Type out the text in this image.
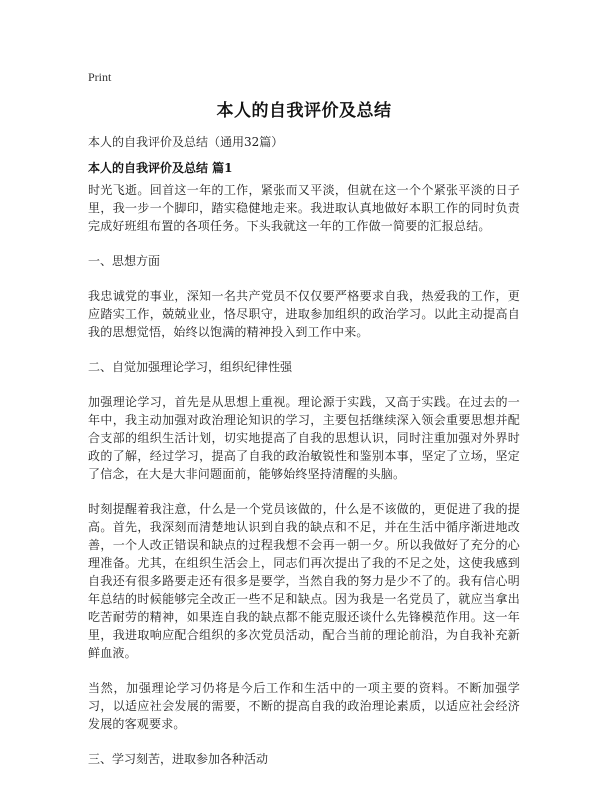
Print
本人的自我评价及总结
本人的自我评价及总结（通用32篇）
本人的自我评价及总结 篇1

时光飞逝。回首这一年的工作，紧张而又平淡，但就在这一个个紧张平淡的日子里，我一步一个脚印，踏实稳健地走来。我进取认真地做好本职工作的同时负责完成好班组布置的各项任务。下头我就这一年的工作做一简要的汇报总结。

一、思想方面

我忠诚党的事业，深知一名共产党员不仅仅要严格要求自我，热爱我的工作，更应踏实工作，兢兢业业，恪尽职守，进取参加组织的政治学习。以此主动提高自我的思想觉悟，始终以饱满的精神投入到工作中来。

二、自觉加强理论学习，组织纪律性强

加强理论学习，首先是从思想上重视。理论源于实践，又高于实践。在过去的一年中，我主动加强对政治理论知识的学习，主要包括继续深入领会重要思想并配合支部的组织生活计划，切实地提高了自我的思想认识，同时注重加强对外界时政的了解，经过学习，提高了自我的政治敏锐性和鉴别本事，坚定了立场，坚定了信念，在大是大非问题面前，能够始终坚持清醒的头脑。

时刻提醒着我注意，什么是一个党员该做的，什么是不该做的，更促进了我的提高。首先，我深刻而清楚地认识到自我的缺点和不足，并在生活中循序渐进地改善，一个人改正错误和缺点的过程我想不会再一朝一夕。所以我做好了充分的心理准备。尤其，在组织生活会上，同志们再次提出了我的不足之处，这使我感到自我还有很多路要走还有很多是要学，当然自我的努力是少不了的。我有信心明年总结的时候能够完全改正一些不足和缺点。因为我是一名党员了，就应当拿出吃苦耐劳的精神，如果连自我的缺点都不能克服还谈什么先锋模范作用。这一年里，我进取响应配合组织的多次党员活动，配合当前的理论前沿，为自我补充新鲜血液。

当然，加强理论学习仍将是今后工作和生活中的一项主要的资料。不断加强学习，以适应社会发展的需要，不断的提高自我的政治理论素质，以适应社会经济发展的客观要求。

三、学习刻苦，进取参加各种活动
